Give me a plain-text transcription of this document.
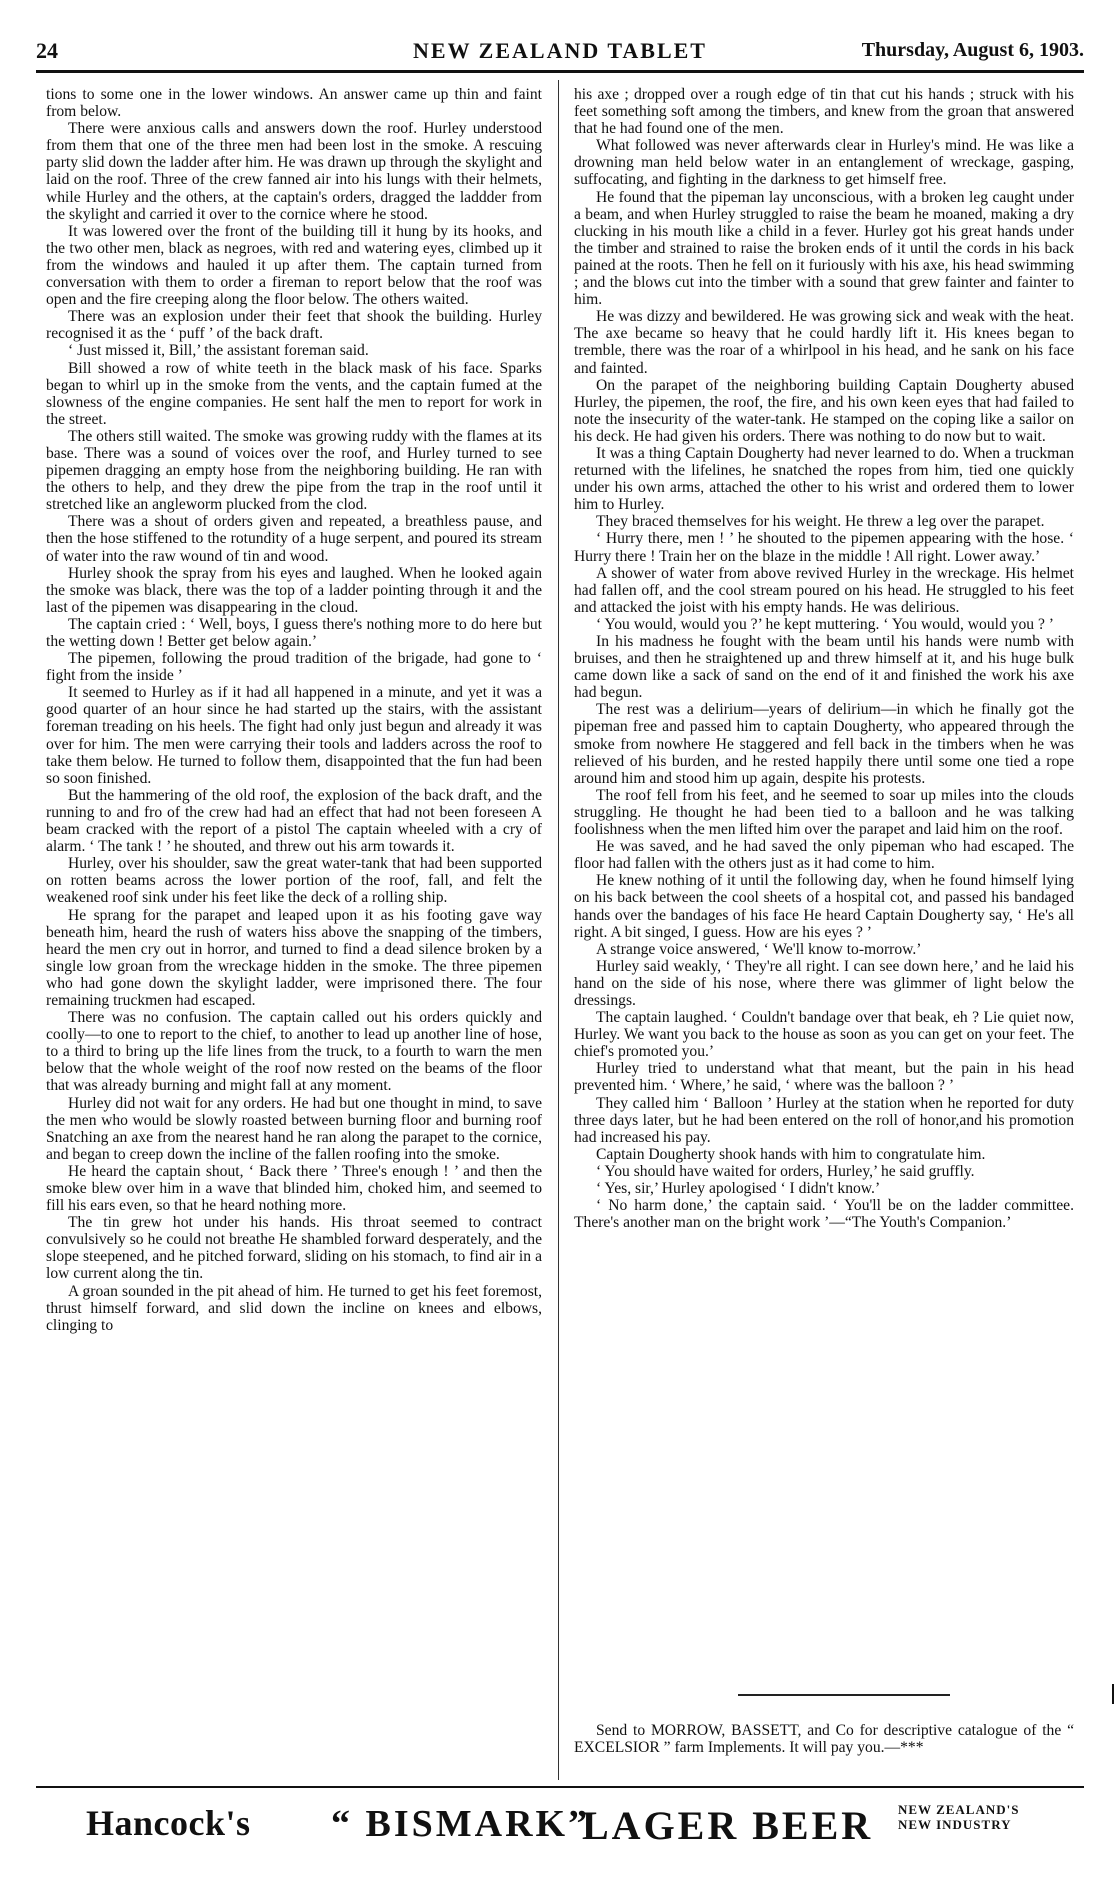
24	NEW ZEALAND TABLET	Thursday, August 6, 1903.

tions to some one in the lower windows. An answer came up thin and faint from below.

There were anxious calls and answers down the roof. Hurley understood from them that one of the three men had been lost in the smoke. A rescuing party slid down the ladder after him. He was drawn up through the skylight and laid on the roof. Three of the crew fanned air into his lungs with their helmets, while Hurley and the others, at the captain's orders, dragged the laddder from the skylight and carried it over to the cornice where he stood.

It was lowered over the front of the building till it hung by its hooks, and the two other men, black as negroes, with red and watering eyes, climbed up it from the windows and hauled it up after them. The captain turned from conversation with them to order a fireman to report below that the roof was open and the fire creeping along the floor below. The others waited.

There was an explosion under their feet that shook the building. Hurley recognised it as the ‘ puff ’ of the back draft.

‘ Just missed it, Bill,’ the assistant foreman said.

Bill showed a row of white teeth in the black mask of his face. Sparks began to whirl up in the smoke from the vents, and the captain fumed at the slowness of the engine companies. He sent half the men to report for work in the street.

The others still waited. The smoke was growing ruddy with the flames at its base. There was a sound of voices over the roof, and Hurley turned to see pipemen dragging an empty hose from the neighboring building. He ran with the others to help, and they drew the pipe from the trap in the roof until it stretched like an angleworm plucked from the clod.

There was a shout of orders given and repeated, a breathless pause, and then the hose stiffened to the rotundity of a huge serpent, and poured its stream of water into the raw wound of tin and wood.

Hurley shook the spray from his eyes and laughed. When he looked again the smoke was black, there was the top of a ladder pointing through it and the last of the pipemen was disappearing in the cloud.

The captain cried : ‘ Well, boys, I guess there's nothing more to do here but the wetting down ! Better get below again.’

The pipemen, following the proud tradition of the brigade, had gone to ‘ fight from the inside ’

It seemed to Hurley as if it had all happened in a minute, and yet it was a good quarter of an hour since he had started up the stairs, with the assistant foreman treading on his heels. The fight had only just begun and already it was over for him. The men were carrying their tools and ladders across the roof to take them below. He turned to follow them, disappointed that the fun had been so soon finished.

But the hammering of the old roof, the explosion of the back draft, and the running to and fro of the crew had had an effect that had not been foreseen A beam cracked with the report of a pistol The captain wheeled with a cry of alarm. ‘ The tank ! ’ he shouted, and threw out his arm towards it.

Hurley, over his shoulder, saw the great water-tank that had been supported on rotten beams across the lower portion of the roof, fall, and felt the weakened roof sink under his feet like the deck of a rolling ship.

He sprang for the parapet and leaped upon it as his footing gave way beneath him, heard the rush of waters hiss above the snapping of the timbers, heard the men cry out in horror, and turned to find a dead silence broken by a single low groan from the wreckage hidden in the smoke. The three pipemen who had gone down the skylight ladder, were imprisoned there. The four remaining truckmen had escaped.

There was no confusion. The captain called out his orders quickly and coolly—to one to report to the chief, to another to lead up another line of hose, to a third to bring up the life lines from the truck, to a fourth to warn the men below that the whole weight of the roof now rested on the beams of the floor that was already burning and might fall at any moment.

Hurley did not wait for any orders. He had but one thought in mind, to save the men who would be slowly roasted between burning floor and burning roof Snatching an axe from the nearest hand he ran along the parapet to the cornice, and began to creep down the incline of the fallen roofing into the smoke.

He heard the captain shout, ‘ Back there ’ Three's enough ! ’ and then the smoke blew over him in a wave that blinded him, choked him, and seemed to fill his ears even, so that he heard nothing more.

The tin grew hot under his hands. His throat seemed to contract convulsively so he could not breathe He shambled forward desperately, and the slope steepened, and he pitched forward, sliding on his stomach, to find air in a low current along the tin.

A groan sounded in the pit ahead of him. He turned to get his feet foremost, thrust himself forward, and slid down the incline on knees and elbows, clinging to

his axe ; dropped over a rough edge of tin that cut his hands ; struck with his feet something soft among the timbers, and knew from the groan that answered that he had found one of the men.

What followed was never afterwards clear in Hurley's mind. He was like a drowning man held below water in an entanglement of wreckage, gasping, suffocating, and fighting in the darkness to get himself free.

He found that the pipeman lay unconscious, with a broken leg caught under a beam, and when Hurley struggled to raise the beam he moaned, making a dry clucking in his mouth like a child in a fever. Hurley got his great hands under the timber and strained to raise the broken ends of it until the cords in his back pained at the roots. Then he fell on it furiously with his axe, his head swimming ; and the blows cut into the timber with a sound that grew fainter and fainter to him.

He was dizzy and bewildered. He was growing sick and weak with the heat. The axe became so heavy that he could hardly lift it. His knees began to tremble, there was the roar of a whirlpool in his head, and he sank on his face and fainted.

On the parapet of the neighboring building Captain Dougherty abused Hurley, the pipemen, the roof, the fire, and his own keen eyes that had failed to note the insecurity of the water-tank. He stamped on the coping like a sailor on his deck. He had given his orders. There was nothing to do now but to wait.

It was a thing Captain Dougherty had never learned to do. When a truckman returned with the lifelines, he snatched the ropes from him, tied one quickly under his own arms, attached the other to his wrist and ordered them to lower him to Hurley.

They braced themselves for his weight. He threw a leg over the parapet.

‘ Hurry there, men ! ’ he shouted to the pipemen appearing with the hose. ‘ Hurry there ! Train her on the blaze in the middle ! All right. Lower away.’

A shower of water from above revived Hurley in the wreckage. His helmet had fallen off, and the cool stream poured on his head. He struggled to his feet and attacked the joist with his empty hands. He was delirious.

‘ You would, would you ?’ he kept muttering. ‘ You would, would you ? ’

In his madness he fought with the beam until his hands were numb with bruises, and then he straightened up and threw himself at it, and his huge bulk came down like a sack of sand on the end of it and finished the work his axe had begun.

The rest was a delirium—years of delirium—in which he finally got the pipeman free and passed him to captain Dougherty, who appeared through the smoke from nowhere He staggered and fell back in the timbers when he was relieved of his burden, and he rested happily there until some one tied a rope around him and stood him up again, despite his protests.

The roof fell from his feet, and he seemed to soar up miles into the clouds struggling. He thought he had been tied to a balloon and he was talking foolishness when the men lifted him over the parapet and laid him on the roof.

He was saved, and he had saved the only pipeman who had escaped. The floor had fallen with the others just as it had come to him.

He knew nothing of it until the following day, when he found himself lying on his back between the cool sheets of a hospital cot, and passed his bandaged hands over the bandages of his face He heard Captain Dougherty say, ‘ He's all right. A bit singed, I guess. How are his eyes ? ’

A strange voice answered, ‘ We'll know to-morrow.’

Hurley said weakly, ‘ They're all right. I can see down here,’ and he laid his hand on the side of his nose, where there was glimmer of light below the dressings.

The captain laughed. ‘ Couldn't bandage over that beak, eh ? Lie quiet now, Hurley. We want you back to the house as soon as you can get on your feet. The chief's promoted you.’

Hurley tried to understand what that meant, but the pain in his head prevented him. ‘ Where,’ he said, ‘ where was the balloon ? ’

They called him ‘ Balloon ’ Hurley at the station when he reported for duty three days later, but he had been entered on the roll of honor,and his promotion had increased his pay.

Captain Dougherty shook hands with him to congratulate him.

‘ You should have waited for orders, Hurley,’ he said gruffly.

‘ Yes, sir,’ Hurley apologised ‘ I didn't know.’

‘ No harm done,’ the captain said. ‘ You'll be on the ladder committee. There's another man on the bright work ’—“The Youth's Companion.’

Send to MORROW, BASSETT, and Co for descriptive catalogue of the “ EXCELSIOR ” farm Implements. It will pay you.—***

Hancock's “ BISMARK”
LAGER BEER NEW ZEALAND'S
NEW INDUSTRY
